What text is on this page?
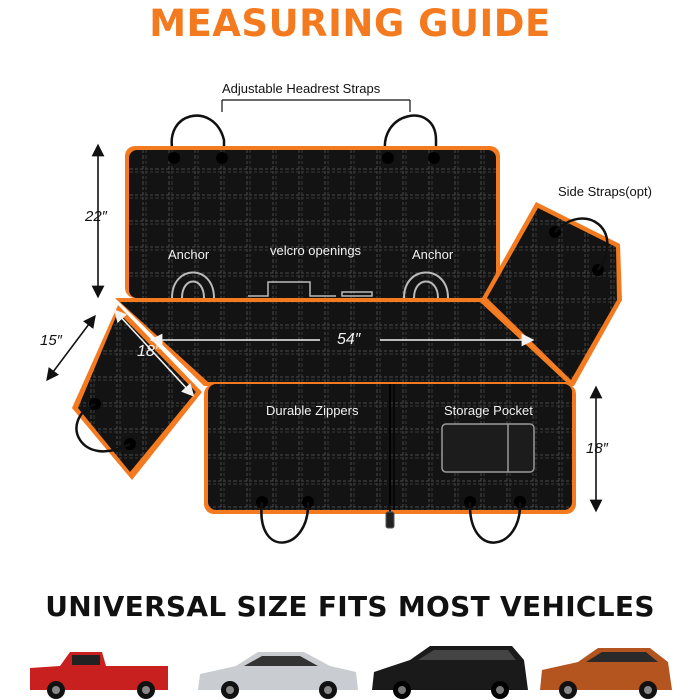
MEASURING GUIDE
Adjustable Headrest Straps
Side Straps(opt)
Anchor	velcro openings	Anchor
Durable Zippers	Storage Pocket
22″
18″
15″	54″
18″
UNIVERSAL SIZE FITS MOST VEHICLES
